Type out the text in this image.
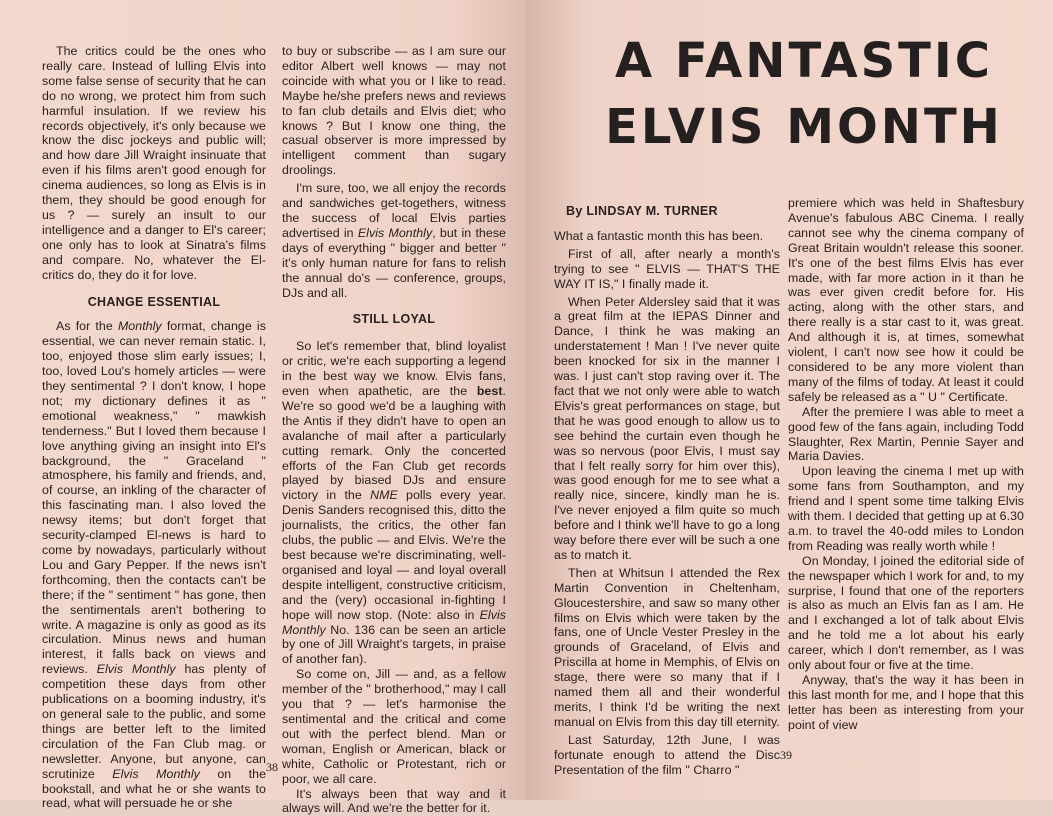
The critics could be the ones who really care. Instead of lulling Elvis into some false sense of security that he can do no wrong, we protect him from such harmful insulation. If we review his records objectively, it's only because we know the disc jockeys and public will; and how dare Jill Wraight insinuate that even if his films aren't good enough for cinema audiences, so long as Elvis is in them, they should be good enough for us ? — surely an insult to our intelligence and a danger to El's career; one only has to look at Sinatra's films and compare. No, whatever the El-critics do, they do it for love.

CHANGE ESSENTIAL

As for the Monthly format, change is essential, we can never remain static. I, too, enjoyed those slim early issues; I, too, loved Lou's homely articles — were they sentimental ? I don't know, I hope not; my dictionary defines it as " emotional weakness," " mawkish tenderness." But I loved them because I love anything giving an insight into El's background, the " Graceland " atmosphere, his family and friends, and, of course, an inkling of the character of this fascinating man. I also loved the newsy items; but don't forget that security-clamped El-news is hard to come by nowadays, particularly without Lou and Gary Pepper. If the news isn't forthcoming, then the contacts can't be there; if the " sentiment " has gone, then the sentimentals aren't bothering to write. A magazine is only as good as its circulation. Minus news and human interest, it falls back on views and reviews. Elvis Monthly has plenty of competition these days from other publications on a booming industry, it's on general sale to the public, and some things are better left to the limited circulation of the Fan Club mag. or newsletter. Anyone, but anyone, can scrutinize Elvis Monthly on the bookstall, and what he or she wants to read, what will persuade he or she

to buy or subscribe — as I am sure our editor Albert well knows — may not coincide with what you or I like to read. Maybe he/she prefers news and reviews to fan club details and Elvis diet; who knows ? But I know one thing, the casual observer is more impressed by intelligent comment than sugary droolings.

I'm sure, too, we all enjoy the records and sandwiches get-togethers, witness the success of local Elvis parties advertised in Elvis Monthly, but in these days of everything " bigger and better " it's only human nature for fans to relish the annual do's — conference, groups, DJs and all.

STILL LOYAL

So let's remember that, blind loyalist or critic, we're each supporting a legend in the best way we know. Elvis fans, even when apathetic, are the best. We're so good we'd be a laughing with the Antis if they didn't have to open an avalanche of mail after a particularly cutting remark. Only the concerted efforts of the Fan Club get records played by biased DJs and ensure victory in the NME polls every year. Denis Sanders recognised this, ditto the journalists, the critics, the other fan clubs, the public — and Elvis. We're the best because we're discriminating, well-organised and loyal — and loyal overall despite intelligent, constructive criticism, and the (very) occasional in-fighting I hope will now stop. (Note: also in Elvis Monthly No. 136 can be seen an article by one of Jill Wraight's targets, in praise of another fan).

So come on, Jill — and, as a fellow member of the " brotherhood," may I call you that ? — let's harmonise the sentimental and the critical and come out with the perfect blend. Man or woman, English or American, black or white, Catholic or Protestant, rich or poor, we all care.

It's always been that way and it always will. And we're the better for it.

38
A FANTASTIC
ELVIS MONTH
By LINDSAY M. TURNER

What a fantastic month this has been.

First of all, after nearly a month's trying to see " ELVIS — THAT'S THE WAY IT IS," I finally made it.

When Peter Aldersley said that it was a great film at the IEPAS Dinner and Dance, I think he was making an understatement ! Man ! I've never quite been knocked for six in the manner I was. I just can't stop raving over it. The fact that we not only were able to watch Elvis's great performances on stage, but that he was good enough to allow us to see behind the curtain even though he was so nervous (poor Elvis, I must say that I felt really sorry for him over this), was good enough for me to see what a really nice, sincere, kindly man he is. I've never enjoyed a film quite so much before and I think we'll have to go a long way before there ever will be such a one as to match it.

Then at Whitsun I attended the Rex Martin Convention in Cheltenham, Gloucestershire, and saw so many other films on Elvis which were taken by the fans, one of Uncle Vester Presley in the grounds of Graceland, of Elvis and Priscilla at home in Memphis, of Elvis on stage, there were so many that if I named them all and their wonderful merits, I think I'd be writing the next manual on Elvis from this day till eternity.

Last Saturday, 12th June, I was fortunate enough to attend the Disc Presentation of the film " Charro "

premiere which was held in Shaftesbury Avenue's fabulous ABC Cinema. I really cannot see why the cinema company of Great Britain wouldn't release this sooner. It's one of the best films Elvis has ever made, with far more action in it than he was ever given credit before for. His acting, along with the other stars, and there really is a star cast to it, was great. And although it is, at times, somewhat violent, I can't now see how it could be considered to be any more violent than many of the films of today. At least it could safely be released as a " U " Certificate.

After the premiere I was able to meet a good few of the fans again, including Todd Slaughter, Rex Martin, Pennie Sayer and Maria Davies.

Upon leaving the cinema I met up with some fans from Southampton, and my friend and I spent some time talking Elvis with them. I decided that getting up at 6.30 a.m. to travel the 40-odd miles to London from Reading was really worth while !

On Monday, I joined the editorial side of the newspaper which I work for and, to my surprise, I found that one of the reporters is also as much an Elvis fan as I am. He and I exchanged a lot of talk about Elvis and he told me a lot about his early career, which I don't remember, as I was only about four or five at the time.

Anyway, that's the way it has been in this last month for me, and I hope that this letter has been as interesting from your point of view

39
